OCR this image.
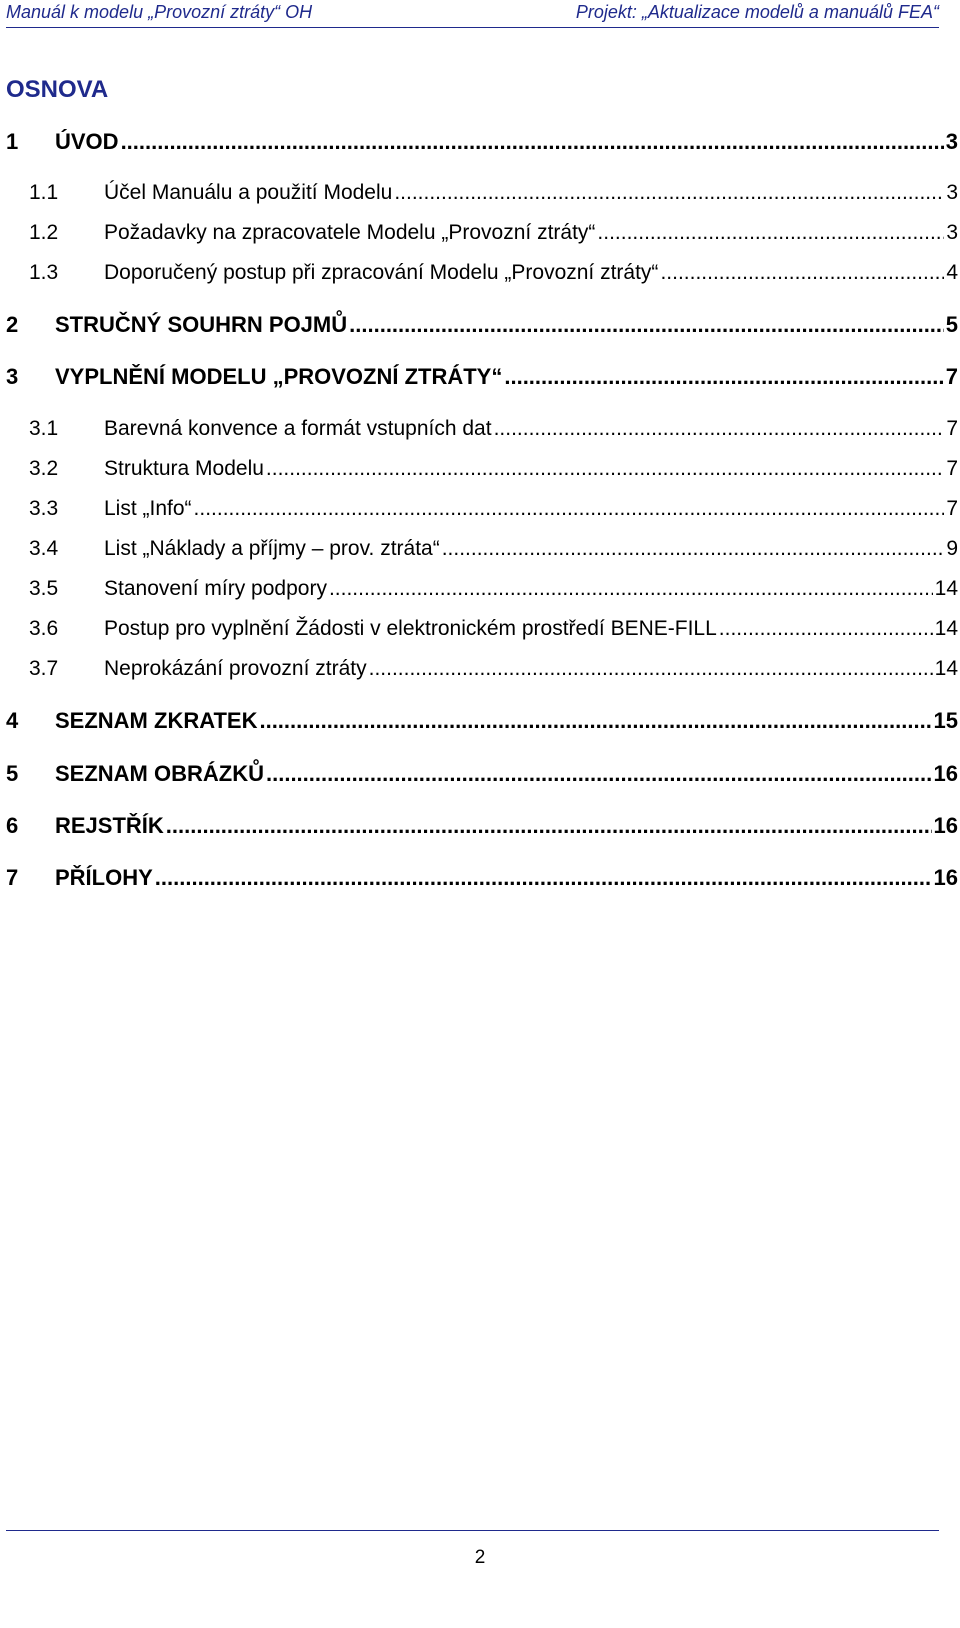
Manuál k modelu „Provozní ztráty“ OH	Projekt: „Aktualizace modelů a manuálů FEA“
OSNOVA
1 ÚVOD .....	3
1.1 Účel Manuálu a použití Modelu .....	3
1.2 Požadavky na zpracovatele Modelu „Provozní ztráty“ .....	3
1.3 Doporučený postup při zpracování Modelu „Provozní ztráty“ .....	4
2 STRUČNÝ SOUHRN POJMŮ .....	5
3 VYPLNĚNÍ MODELU „PROVOZNÍ ZTRÁTY“ .....	7
3.1 Barevná konvence a formát vstupních dat .....	7
3.2 Struktura Modelu .....	7
3.3 List „Info“ .....	7
3.4 List „Náklady a příjmy – prov. ztráta“ .....	9
3.5 Stanovení míry podpory .....	14
3.6 Postup pro vyplnění Žádosti v elektronickém prostředí BENE-FILL .....	14
3.7 Neprokázání provozní ztráty .....	14
4 SEZNAM ZKRATEK .....	15
5 SEZNAM OBRÁZKŮ .....	16
6 REJSTŘÍK .....	16
7 PŘÍLOHY .....	16
2
